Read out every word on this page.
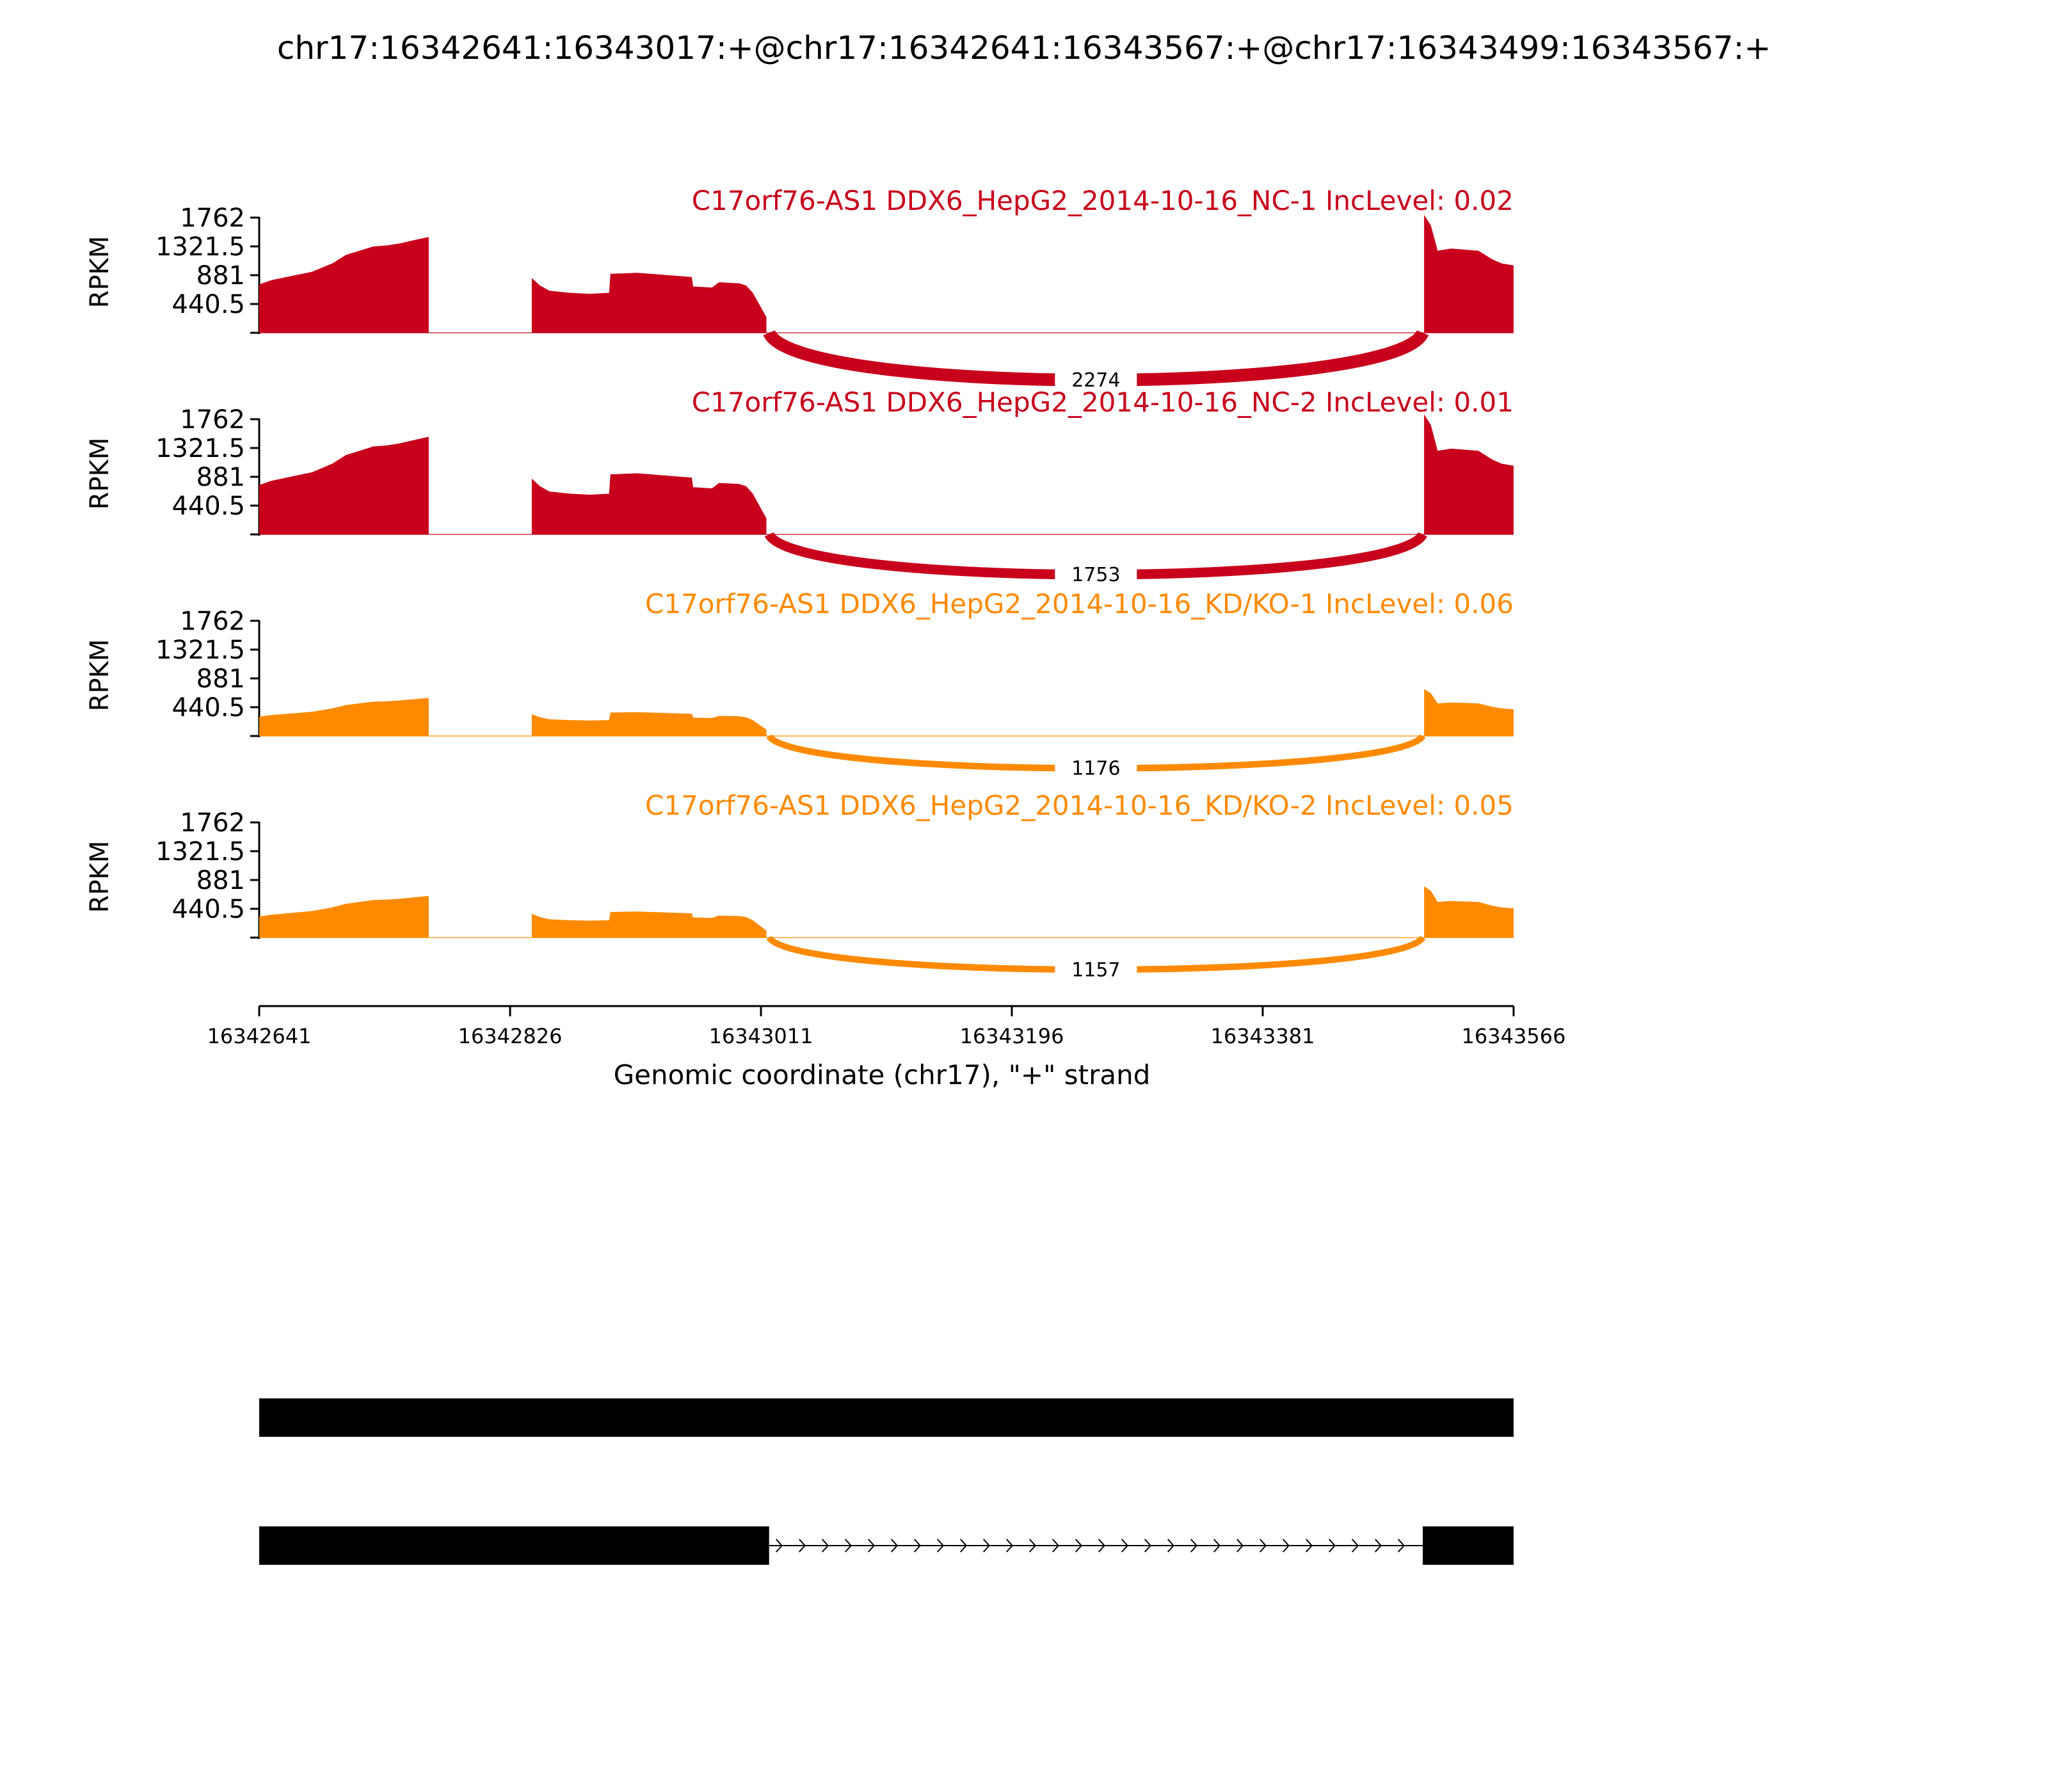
chr17:16342641:16343017:+@chr17:16342641:16343567:+@chr17:16343499:16343567:+
1762
1321.5
881
440.5
RPKM
C17orf76-AS1 DDX6_HepG2_2014-10-16_NC-1 IncLevel: 0.02
2274
1762
1321.5
881
440.5
RPKM
C17orf76-AS1 DDX6_HepG2_2014-10-16_NC-2 IncLevel: 0.01
1753
1762
1321.5
881
440.5
RPKM
C17orf76-AS1 DDX6_HepG2_2014-10-16_KD/KO-1 IncLevel: 0.06
1176
1762
1321.5
881
440.5
RPKM
C17orf76-AS1 DDX6_HepG2_2014-10-16_KD/KO-2 IncLevel: 0.05
1157
Genomic coordinate (chr17), "+" strand
16342641	16342826	16343011	16343196	16343381	16343566
